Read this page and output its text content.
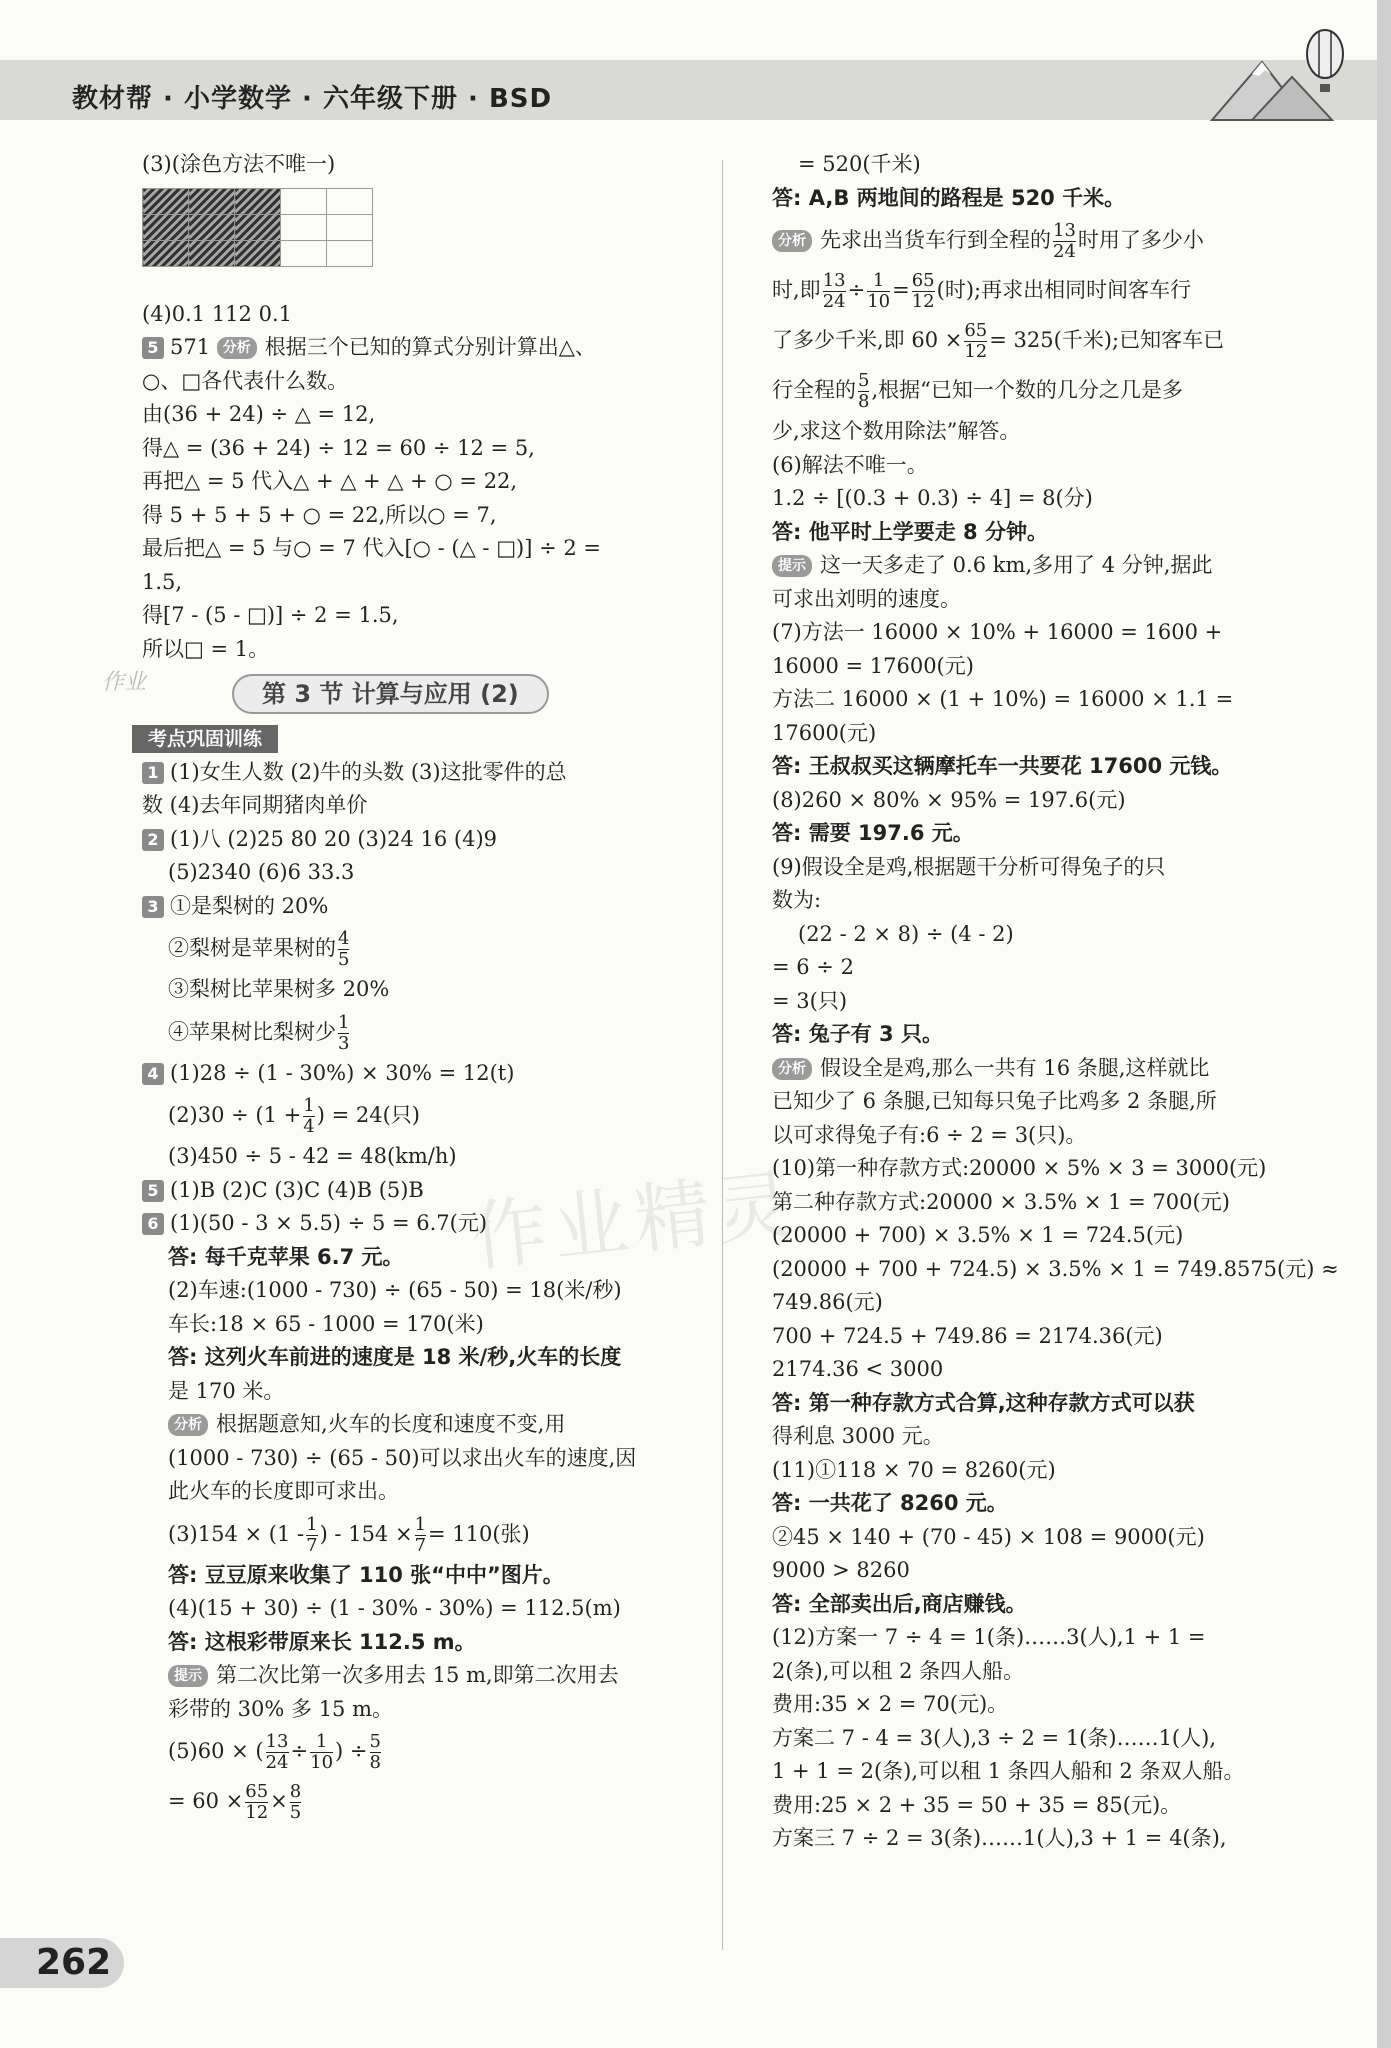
教材帮 · 小学数学 · 六年级下册 · BSD
作业精灵
(3)(涂色方法不唯一)

(4)0.1 112 0.1
5 571 分析 根据三个已知的算式分别计算出△、
○、□各代表什么数。
由(36 + 24) ÷ △ = 12,
得△ = (36 + 24) ÷ 12 = 60 ÷ 12 = 5,
再把△ = 5 代入△ + △ + △ + ○ = 22,
得 5 + 5 + 5 + ○ = 22,所以○ = 7,
最后把△ = 5 与○ = 7 代入[○ - (△ - □)] ÷ 2 =
1.5,
得[7 - (5 - □)] ÷ 2 = 1.5,
所以□ = 1。
作业	第 3 节 计算与应用 (2)
考点巩固训练
1 (1)女生人数 (2)牛的头数 (3)这批零件的总
数 (4)去年同期猪肉单价
2 (1)八 (2)25 80 20 (3)24 16 (4)9
(5)2340 (6)6 33.3
3 ①是梨树的 20%
②梨树是苹果树的 $\frac{4}{5}$
③梨树比苹果树多 20%
④苹果树比梨树少 $\frac{1}{3}$
4 (1)28 ÷ (1 - 30%) × 30% = 12(t)
$(2)30 \div (1 + \frac{1}{4}$ ) = 24(只)
(3)450 ÷ 5 - 42 = 48(km/h)
5 (1)B (2)C (3)C (4)B (5)B
6 (1)(50 - 3 × 5.5) ÷ 5 = 6.7(元)
答: 每千克苹果 6.7 元。
(2)车速:(1000 - 730) ÷ (65 - 50) = 18(米/秒)
车长:18 × 65 - 1000 = 170(米)
答: 这列火车前进的速度是 18 米/秒,火车的长度
是 170 米。
分析 根据题意知,火车的长度和速度不变,用
(1000 - 730) ÷ (65 - 50)可以求出火车的速度,因
此火车的长度即可求出。
$(3)154 \times (1 - \frac{1}{7}$ ) - $154 \times \frac{1}{7} = 110$(张)
答: 豆豆原来收集了 110 张“中中”图片。
(4)(15 + 30) ÷ (1 - 30% - 30%) = 112.5(m)
答: 这根彩带原来长 112.5 m。
提示 第二次比第一次多用去 15 m,即第二次用去
彩带的 30% 多 15 m。
(5)60 × ( $\frac{13}{24} \div \frac{1}{10}$ ) ÷ $\frac{5}{8}$
= $60 \times \frac{65}{12} \times \frac{8}{5}$
= 520(千米)
答: A,B 两地间的路程是 520 千米。
分析 先求出当货车行到全程的 $\frac{13}{24}$ 时用了多少小
时,即 $\frac{13}{24} \div \frac{1}{10} = \frac{65}{12}$ (时);再求出相同时间客车行
了多少千米,即 $60 \times \frac{65}{12} = 325$(千米);已知客车已
行全程的 $\frac{5}{8}$ ,根据“已知一个数的几分之几是多
少,求这个数用除法”解答。
(6)解法不唯一。
1.2 ÷ [(0.3 + 0.3) ÷ 4] = 8(分)
答: 他平时上学要走 8 分钟。
提示 这一天多走了 0.6 km,多用了 4 分钟,据此
可求出刘明的速度。
(7)方法一 16000 × 10% + 16000 = 1600 +
16000 = 17600(元)
方法二 16000 × (1 + 10%) = 16000 × 1.1 =
17600(元)
答: 王叔叔买这辆摩托车一共要花 17600 元钱。
(8)260 × 80% × 95% = 197.6(元)
答: 需要 197.6 元。
(9)假设全是鸡,根据题干分析可得兔子的只
数为:
(22 - 2 × 8) ÷ (4 - 2)
= 6 ÷ 2
= 3(只)
答: 兔子有 3 只。
分析 假设全是鸡,那么一共有 16 条腿,这样就比
已知少了 6 条腿,已知每只兔子比鸡多 2 条腿,所
以可求得兔子有:6 ÷ 2 = 3(只)。
(10)第一种存款方式:20000 × 5% × 3 = 3000(元)
第二种存款方式:20000 × 3.5% × 1 = 700(元)
(20000 + 700) × 3.5% × 1 = 724.5(元)
(20000 + 700 + 724.5) × 3.5% × 1 = 749.8575(元) ≈
749.86(元)
700 + 724.5 + 749.86 = 2174.36(元)
2174.36 < 3000
答: 第一种存款方式合算,这种存款方式可以获
得利息 3000 元。
(11)①118 × 70 = 8260(元)
答: 一共花了 8260 元。
②45 × 140 + (70 - 45) × 108 = 9000(元)
9000 > 8260
答: 全部卖出后,商店赚钱。
(12)方案一 7 ÷ 4 = 1(条)……3(人),1 + 1 =
2(条),可以租 2 条四人船。
费用:35 × 2 = 70(元)。
方案二 7 - 4 = 3(人),3 ÷ 2 = 1(条)……1(人),
1 + 1 = 2(条),可以租 1 条四人船和 2 条双人船。
费用:25 × 2 + 35 = 50 + 35 = 85(元)。
方案三 7 ÷ 2 = 3(条)……1(人),3 + 1 = 4(条),
262
